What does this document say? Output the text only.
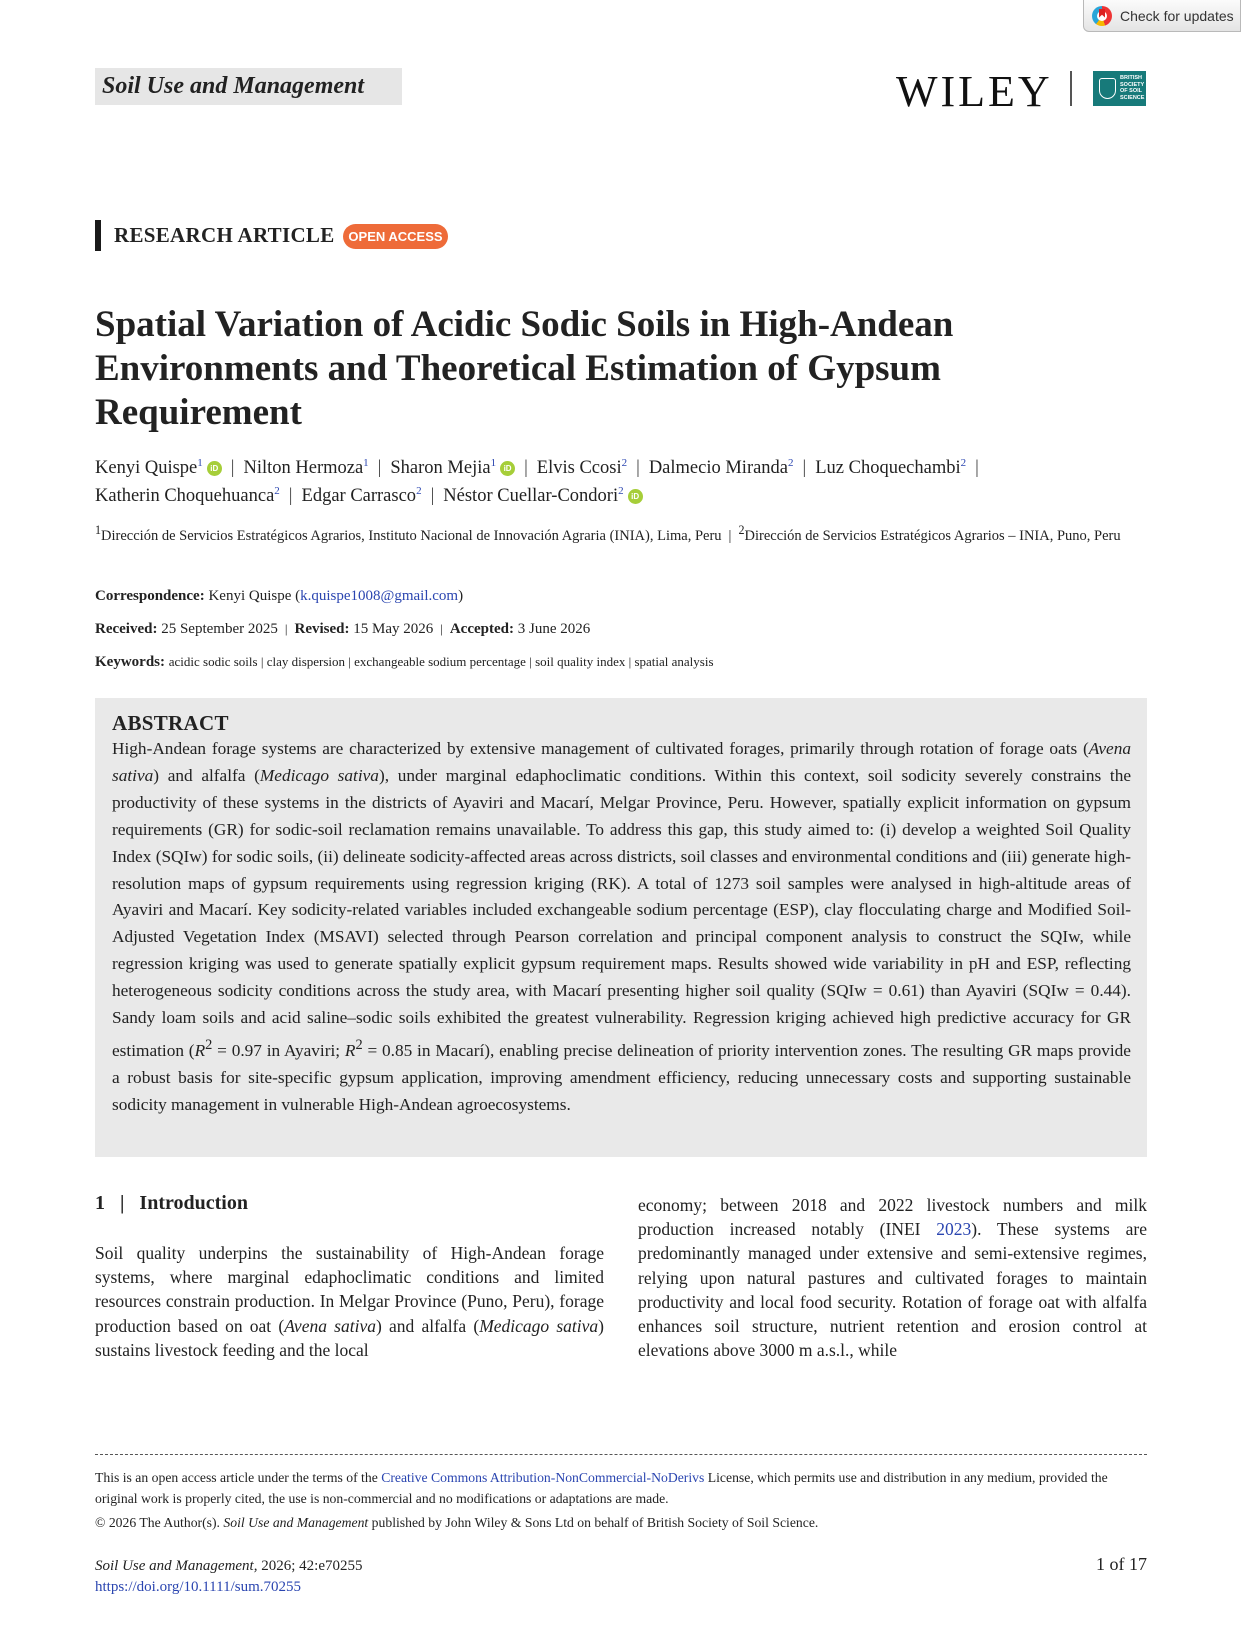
Check for updates
Soil Use and Management	WILEY	BRITISH
SOCIETY
OF SOIL
SCIENCE
RESEARCH ARTICLE	OPEN ACCESS
Spatial Variation of Acidic Sodic Soils in High-Andean Environments and Theoretical Estimation of Gypsum Requirement
Kenyi Quispe$^1$ iD | Nilton Hermoza$^1$ | Sharon Mejia$^1$ iD | Elvis Ccosi$^2$ | Dalmecio Miranda$^2$ | Luz Choquechambi$^2$ |
Katherin Choquehuanca$^2$ | Edgar Carrasco$^2$ | Néstor Cuellar-Condori$^2$ iD
$^1$Dirección de Servicios Estratégicos Agrarios, Instituto Nacional de Innovación Agraria (INIA), Lima, Peru | $^2$Dirección de Servicios Estratégicos Agrarios – INIA, Puno, Peru
Correspondence: Kenyi Quispe (k.quispe1008@gmail.com)
Received: 25 September 2025 | Revised: 15 May 2026 | Accepted: 3 June 2026
Keywords: acidic sodic soils | clay dispersion | exchangeable sodium percentage | soil quality index | spatial analysis
ABSTRACT
High-Andean forage systems are characterized by extensive management of cultivated forages, primarily through rotation of forage oats (Avena sativa) and alfalfa (Medicago sativa), under marginal edaphoclimatic conditions. Within this context, soil sodicity severely constrains the productivity of these systems in the districts of Ayaviri and Macarí, Melgar Province, Peru. However, spatially explicit information on gypsum requirements (GR) for sodic-soil reclamation remains unavailable. To address this gap, this study aimed to: (i) develop a weighted Soil Quality Index (SQIw) for sodic soils, (ii) delineate sodicity-affected areas across districts, soil classes and environmental conditions and (iii) generate high-resolution maps of gypsum requirements using regression kriging (RK). A total of 1273 soil samples were analysed in high-altitude areas of Ayaviri and Macarí. Key sodicity-related variables included exchangeable sodium percentage (ESP), clay flocculating charge and Modified Soil-Adjusted Vegetation Index (MSAVI) selected through Pearson correlation and principal component analysis to construct the SQIw, while regression kriging was used to generate spatially explicit gypsum requirement maps. Results showed wide variability in pH and ESP, reflecting heterogeneous sodicity conditions across the study area, with Macarí presenting higher soil quality (SQIw = 0.61) than Ayaviri (SQIw = 0.44). Sandy loam soils and acid saline–sodic soils exhibited the greatest vulnerability. Regression kriging achieved high predictive accuracy for GR estimation ($R^2 = 0.97$ in Ayaviri; $R^2 = 0.85$ in Macarí), enabling precise delineation of priority intervention zones. The resulting GR maps provide a robust basis for site-specific gypsum application, improving amendment efficiency, reducing unnecessary costs and supporting sustainable sodicity management in vulnerable High-Andean agroecosystems.
1 | Introduction
Soil quality underpins the sustainability of High-Andean forage systems, where marginal edaphoclimatic conditions and limited resources constrain production. In Melgar Province (Puno, Peru), forage production based on oat (Avena sativa) and alfalfa (Medicago sativa) sustains livestock feeding and the local
economy; between 2018 and 2022 livestock numbers and milk production increased notably (INEI 2023). These systems are predominantly managed under extensive and semi-extensive regimes, relying upon natural pastures and cultivated forages to maintain productivity and local food security. Rotation of forage oat with alfalfa enhances soil structure, nutrient retention and erosion control at elevations above 3000 m a.s.l., while
This is an open access article under the terms of the Creative Commons Attribution-NonCommercial-NoDerivs License, which permits use and distribution in any medium, provided the original work is properly cited, the use is non-commercial and no modifications or adaptations are made.
© 2026 The Author(s). Soil Use and Management published by John Wiley & Sons Ltd on behalf of British Society of Soil Science.
Soil Use and Management, 2026; 42:e70255
https://doi.org/10.1111/sum.70255
1 of 17
